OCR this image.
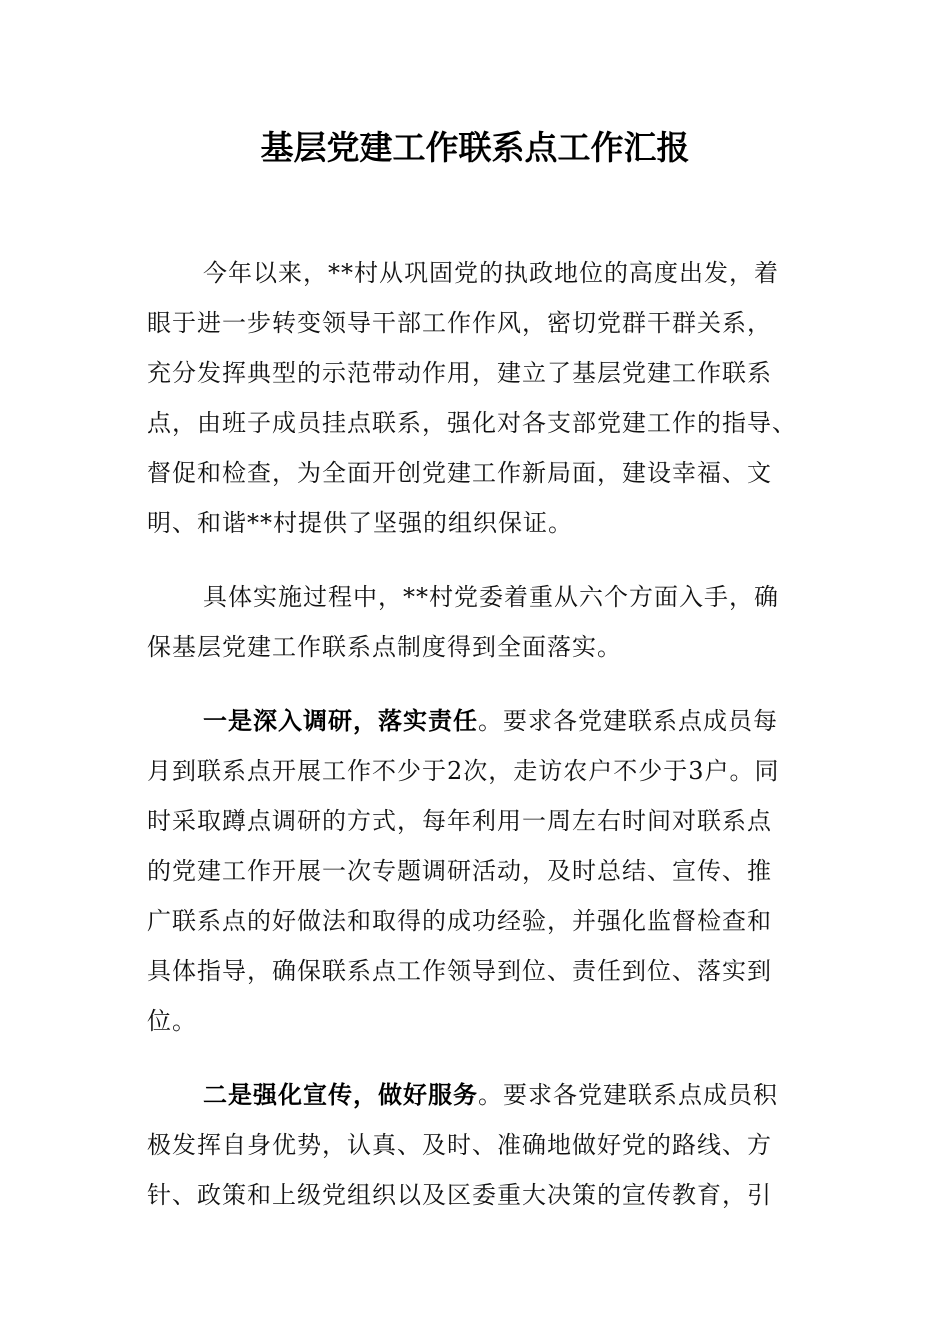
基层党建工作联系点工作汇报
今年以来，**村从巩固党的执政地位的高度出发，着
眼于进一步转变领导干部工作作风，密切党群干群关系，
充分发挥典型的示范带动作用，建立了基层党建工作联系
点，由班子成员挂点联系，强化对各支部党建工作的指导、
督促和检查，为全面开创党建工作新局面，建设幸福、文
明、和谐**村提供了坚强的组织保证。
具体实施过程中，**村党委着重从六个方面入手，确
保基层党建工作联系点制度得到全面落实。
一是深入调研，落实责任。要求各党建联系点成员每
月到联系点开展工作不少于2次，走访农户不少于3户。同
时采取蹲点调研的方式，每年利用一周左右时间对联系点
的党建工作开展一次专题调研活动，及时总结、宣传、推
广联系点的好做法和取得的成功经验，并强化监督检查和
具体指导，确保联系点工作领导到位、责任到位、落实到
位。
二是强化宣传，做好服务。要求各党建联系点成员积
极发挥自身优势，认真、及时、准确地做好党的路线、方
针、政策和上级党组织以及区委重大决策的宣传教育，引
